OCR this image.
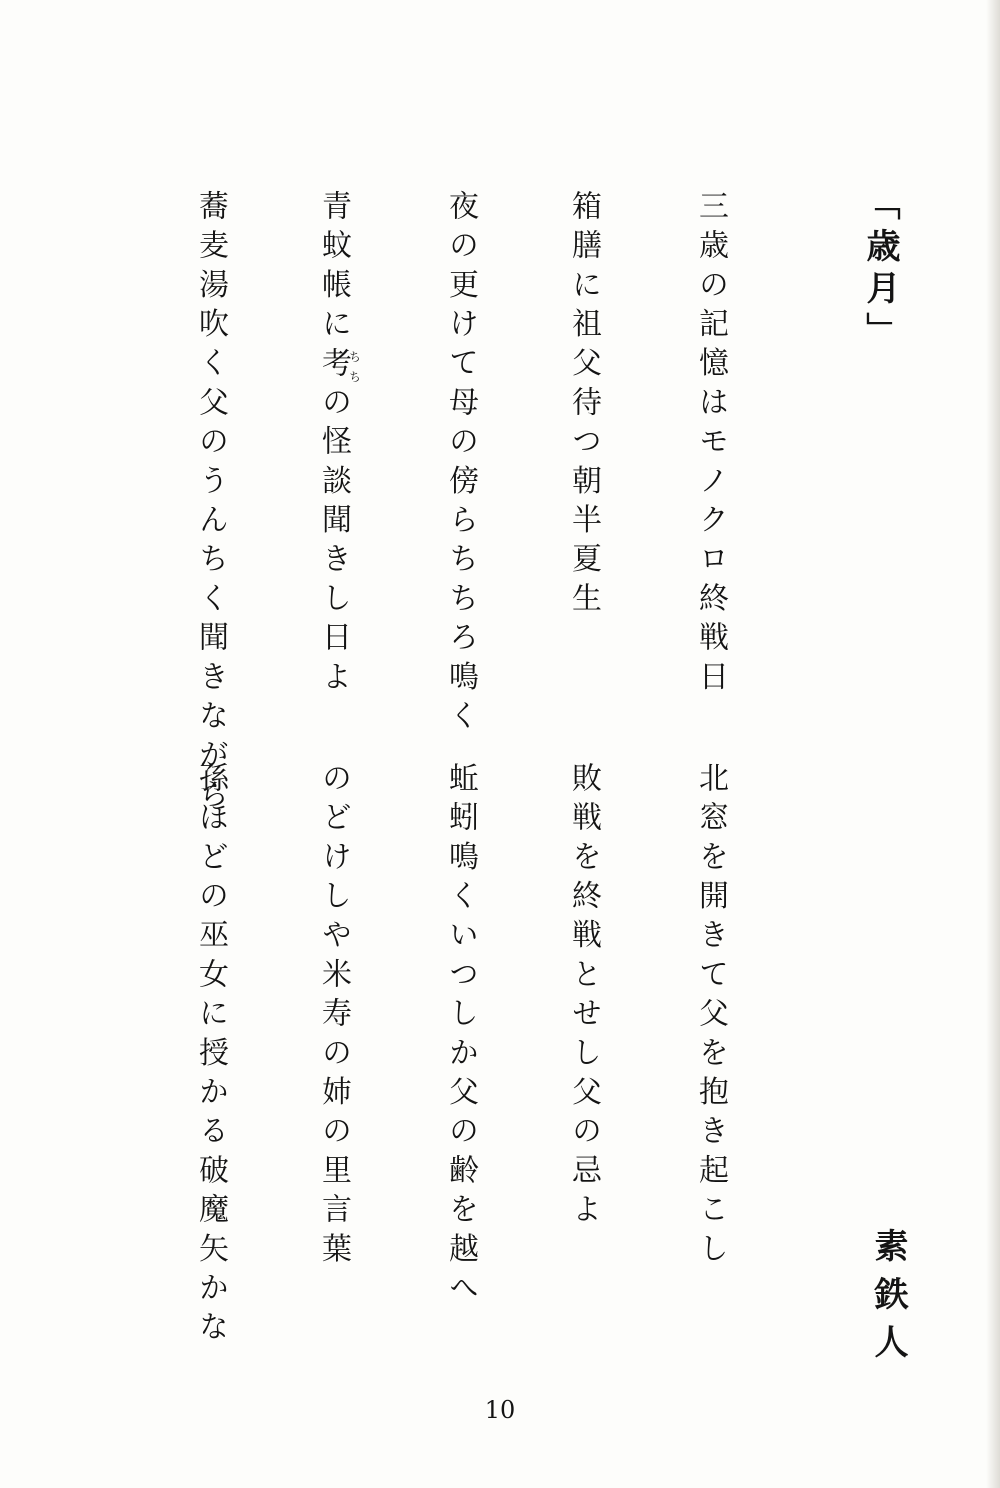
「歳月」
三歳の記憶はモノクロ終戦日
箱膳に祖父待つ朝半夏生
夜の更けて母の傍らちちろ鳴く
青蚊帳に考ちちの怪談聞きし日よ
蕎麦湯吹く父のうんちく聞きながら
北窓を開きて父を抱き起こし
敗戦を終戦とせし父の忌よ
蚯蚓鳴くいつしか父の齢を越へ
のどけしや米寿の姉の里言葉
孫ほどの巫女に授かる破魔矢かな	素鉄人
10
